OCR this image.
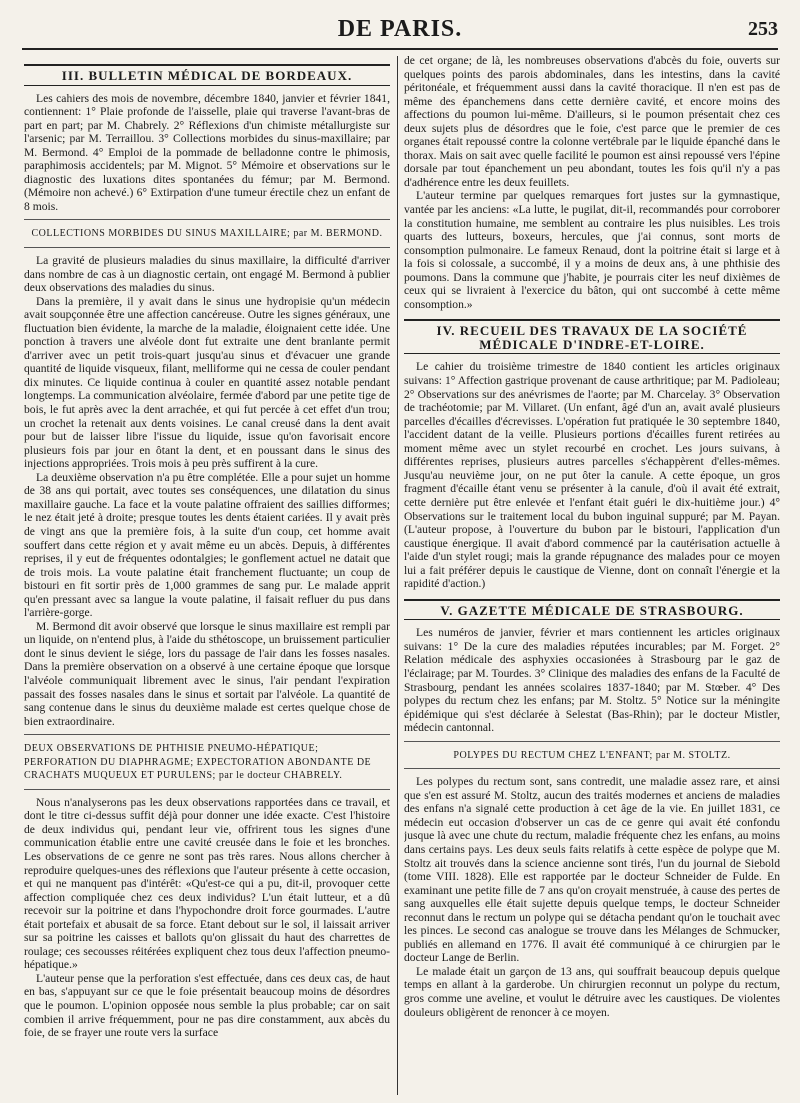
DE PARIS.	253
III. BULLETIN MÉDICAL DE BORDEAUX.

Les cahiers des mois de novembre, décembre 1840, janvier et février 1841, contiennent: 1° Plaie profonde de l'aisselle, plaie qui traverse l'avant-bras de part en part; par M. Chabrely. 2° Réflexions d'un chimiste métallurgiste sur l'arsenic; par M. Terraillou. 3° Collections morbides du sinus-maxillaire; par M. Bermond. 4° Emploi de la pommade de belladonne contre le phimosis, paraphimosis accidentels; par M. Mignot. 5° Mémoire et observations sur le diagnostic des luxations dites spontanées du fémur; par M. Bermond. (Mémoire non achevé.) 6° Extirpation d'une tumeur érectile chez un enfant de 8 mois.

COLLECTIONS MORBIDES DU SINUS MAXILLAIRE; par M. BERMOND.

La gravité de plusieurs maladies du sinus maxillaire, la difficulté d'arriver dans nombre de cas à un diagnostic certain, ont engagé M. Bermond à publier deux observations des maladies du sinus.

Dans la première, il y avait dans le sinus une hydropisie qu'un médecin avait soupçonnée être une affection cancéreuse. Outre les signes généraux, une fluctuation bien évidente, la marche de la maladie, éloignaient cette idée. Une ponction à travers une alvéole dont fut extraite une dent branlante permit d'arriver avec un petit trois-quart jusqu'au sinus et d'évacuer une grande quantité de liquide visqueux, filant, melliforme qui ne cessa de couler pendant dix minutes. Ce liquide continua à couler en quantité assez notable pendant longtemps. La communication alvéolaire, fermée d'abord par une petite tige de bois, le fut après avec la dent arrachée, et qui fut percée à cet effet d'un trou; un crochet la retenait aux dents voisines. Le canal creusé dans la dent avait pour but de laisser libre l'issue du liquide, issue qu'on favorisait encore plusieurs fois par jour en ôtant la dent, et en poussant dans le sinus des injections appropriées. Trois mois à peu près suffirent à la cure.

La deuxième observation n'a pu être complétée. Elle a pour sujet un homme de 38 ans qui portait, avec toutes ses conséquences, une dilatation du sinus maxillaire gauche. La face et la voute palatine offraient des saillies difformes; le nez était jeté à droite; presque toutes les dents étaient cariées. Il y avait près de vingt ans que la première fois, à la suite d'un coup, cet homme avait souffert dans cette région et y avait même eu un abcès. Depuis, à différentes reprises, il y eut de fréquentes odontalgies; le gonflement actuel ne datait que de trois mois. La voute palatine était franchement fluctuante; un coup de bistouri en fit sortir près de 1,000 grammes de sang pur. Le malade apprit qu'en pressant avec sa langue la voute palatine, il faisait refluer du pus dans l'arrière-gorge.

M. Bermond dit avoir observé que lorsque le sinus maxillaire est rempli par un liquide, on n'entend plus, à l'aide du sthétoscope, un bruissement particulier dont le sinus devient le siége, lors du passage de l'air dans les fosses nasales. Dans la première observation on a observé à une certaine époque que lorsque l'alvéole communiquait librement avec le sinus, l'air pendant l'expiration passait des fosses nasales dans le sinus et sortait par l'alvéole. La quantité de sang contenue dans le sinus du deuxième malade est certes quelque chose de bien extraordinaire.

DEUX OBSERVATIONS DE PHTHISIE PNEUMO-HÉPATIQUE; PERFORATION DU DIAPHRAGME; EXPECTORATION ABONDANTE DE CRACHATS MUQUEUX ET PURULENS; par le docteur CHABRELY.

Nous n'analyserons pas les deux observations rapportées dans ce travail, et dont le titre ci-dessus suffit déjà pour donner une idée exacte. C'est l'histoire de deux individus qui, pendant leur vie, offrirent tous les signes d'une communication établie entre une cavité creusée dans le foie et les bronches. Les observations de ce genre ne sont pas très rares. Nous allons chercher à reproduire quelques-unes des réflexions que l'auteur présente à cette occasion, et qui ne manquent pas d'intérêt: «Qu'est-ce qui a pu, dit-il, provoquer cette affection compliquée chez ces deux individus? L'un était lutteur, et a dû recevoir sur la poitrine et dans l'hypochondre droit force gourmades. L'autre était portefaix et abusait de sa force. Etant debout sur le sol, il laissait arriver sur sa poitrine les caisses et ballots qu'on glissait du haut des charrettes de roulage; ces secousses réitérées expliquent chez tous deux l'affection pneumo-hépatique.»

L'auteur pense que la perforation s'est effectuée, dans ces deux cas, de haut en bas, s'appuyant sur ce que le foie présentait beaucoup moins de désordres que le poumon. L'opinion opposée nous semble la plus probable; car on sait combien il arrive fréquemment, pour ne pas dire constamment, aux abcès du foie, de se frayer une route vers la surface

de cet organe; de là, les nombreuses observations d'abcès du foie, ouverts sur quelques points des parois abdominales, dans les intestins, dans la cavité péritonéale, et fréquemment aussi dans la cavité thoracique. Il n'en est pas de même des épanchemens dans cette dernière cavité, et encore moins des affections du poumon lui-même. D'ailleurs, si le poumon présentait chez ces deux sujets plus de désordres que le foie, c'est parce que le premier de ces organes était repoussé contre la colonne vertébrale par le liquide épanché dans le thorax. Mais on sait avec quelle facilité le poumon est ainsi repoussé vers l'épine dorsale par tout épanchement un peu abondant, toutes les fois qu'il n'y a pas d'adhérence entre les deux feuillets.

L'auteur termine par quelques remarques fort justes sur la gymnastique, vantée par les anciens: «La lutte, le pugilat, dit-il, recommandés pour corroborer la constitution humaine, me semblent au contraire les plus nuisibles. Les trois quarts des lutteurs, boxeurs, hercules, que j'ai connus, sont morts de consomption pulmonaire. Le fameux Renaud, dont la poitrine était si large et à la fois si colossale, a succombé, il y a moins de deux ans, à une phthisie des poumons. Dans la commune que j'habite, je pourrais citer les neuf dixièmes de ceux qui se livraient à l'exercice du bâton, qui ont succombé à cette même consomption.»

IV. RECUEIL DES TRAVAUX DE LA SOCIÉTÉ MÉDICALE D'INDRE-ET-LOIRE.

Le cahier du troisième trimestre de 1840 contient les articles originaux suivans: 1° Affection gastrique provenant de cause arthritique; par M. Padioleau; 2° Observations sur des anévrismes de l'aorte; par M. Charcelay. 3° Observation de trachéotomie; par M. Villaret. (Un enfant, âgé d'un an, avait avalé plusieurs parcelles d'écailles d'écrevisses. L'opération fut pratiquée le 30 septembre 1840, l'accident datant de la veille. Plusieurs portions d'écailles furent retirées au moment même avec un stylet recourbé en crochet. Les jours suivans, à différentes reprises, plusieurs autres parcelles s'échappèrent d'elles-mêmes. Jusqu'au neuvième jour, on ne put ôter la canule. A cette époque, un gros fragment d'écaille étant venu se présenter à la canule, d'où il avait été extrait, cette dernière put être enlevée et l'enfant était guéri le dix-huitième jour.) 4° Observations sur le traitement local du bubon inguinal suppuré; par M. Payan. (L'auteur propose, à l'ouverture du bubon par le bistouri, l'application d'un caustique énergique. Il avait d'abord commencé par la cautérisation actuelle à l'aide d'un stylet rougi; mais la grande répugnance des malades pour ce moyen lui a fait préférer depuis le caustique de Vienne, dont on connaît l'énergie et la rapidité d'action.)

V. GAZETTE MÉDICALE DE STRASBOURG.

Les numéros de janvier, février et mars contiennent les articles originaux suivans: 1° De la cure des maladies réputées incurables; par M. Forget. 2° Relation médicale des asphyxies occasionées à Strasbourg par le gaz de l'éclairage; par M. Tourdes. 3° Clinique des maladies des enfans de la Faculté de Strasbourg, pendant les années scolaires 1837-1840; par M. Stœber. 4° Des polypes du rectum chez les enfans; par M. Stoltz. 5° Notice sur la méningite épidémique qui s'est déclarée à Selestat (Bas-Rhin); par le docteur Mistler, médecin cantonnal.

POLYPES DU RECTUM CHEZ L'ENFANT; par M. STOLTZ.

Les polypes du rectum sont, sans contredit, une maladie assez rare, et ainsi que s'en est assuré M. Stoltz, aucun des traités modernes et anciens de maladies des enfans n'a signalé cette production à cet âge de la vie. En juillet 1831, ce médecin eut occasion d'observer un cas de ce genre qui avait été confondu jusque là avec une chute du rectum, maladie fréquente chez les enfans, au moins dans certains pays. Les deux seuls faits relatifs à cette espèce de polype que M. Stoltz ait trouvés dans la science ancienne sont tirés, l'un du journal de Siebold (tome VIII. 1828). Elle est rapportée par le docteur Schneider de Fulde. En examinant une petite fille de 7 ans qu'on croyait menstruée, à cause des pertes de sang auxquelles elle était sujette depuis quelque temps, le docteur Schneider reconnut dans le rectum un polype qui se détacha pendant qu'on le touchait avec les pinces. Le second cas analogue se trouve dans les Mélanges de Schmucker, publiés en allemand en 1776. Il avait été communiqué à ce chirurgien par le docteur Lange de Berlin.

Le malade était un garçon de 13 ans, qui souffrait beaucoup depuis quelque temps en allant à la garderobe. Un chirurgien reconnut un polype du rectum, gros comme une aveline, et voulut le détruire avec les caustiques. De violentes douleurs obligèrent de renoncer à ce moyen.
